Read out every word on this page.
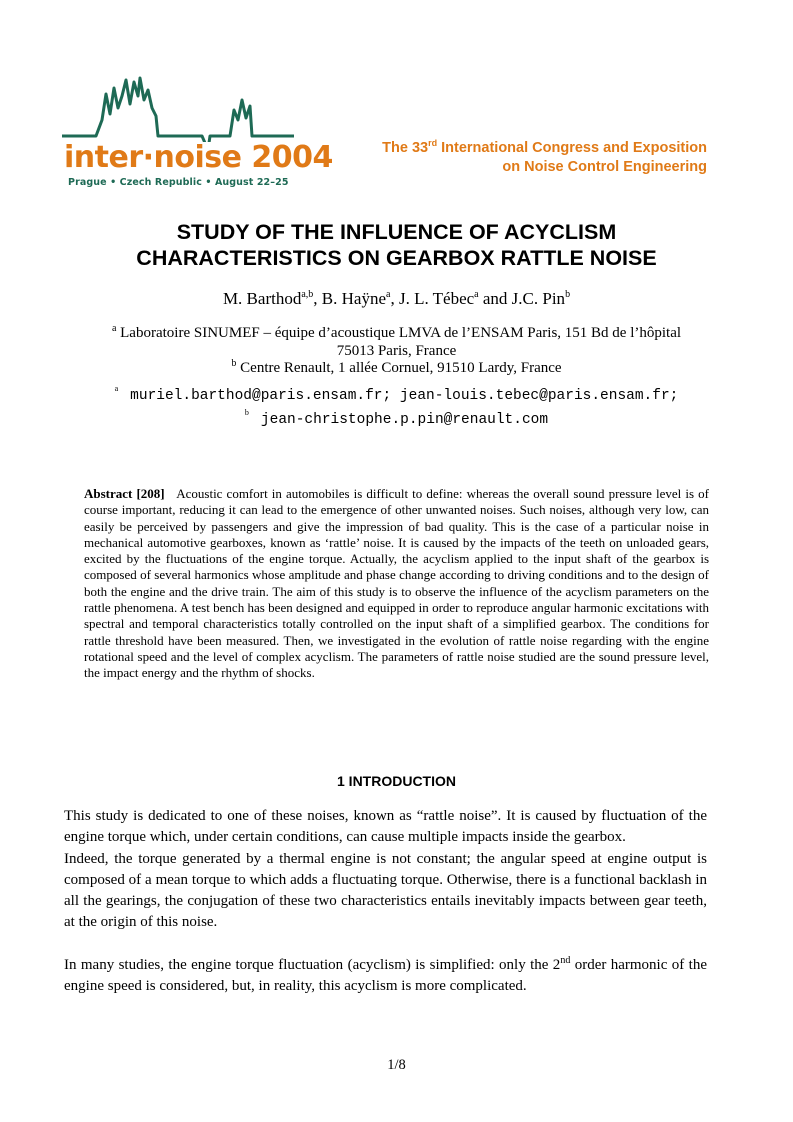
inter·noise 2004
Prague • Czech Republic • August 22–25
The 33rd International Congress and Exposition
on Noise Control Engineering
STUDY OF THE INFLUENCE OF ACYCLISM
CHARACTERISTICS ON GEARBOX RATTLE NOISE
M. Barthod$^{a,b}$, B. Haÿne$^a$, J. L. Tébec$^a$ and J.C. Pin$^b$
$^a$ Laboratoire SINUMEF – équipe d’acoustique LMVA de l’ENSAM Paris, 151 Bd de l’hôpital
75013 Paris, France
$^b$ Centre Renault, 1 allée Cornuel, 91510 Lardy, France
$^a$ muriel.barthod@paris.ensam.fr; jean-louis.tebec@paris.ensam.fr;
$^b$ jean-christophe.p.pin@renault.com
Abstract [208] Acoustic comfort in automobiles is difficult to define: whereas the overall sound pressure level is of course important, reducing it can lead to the emergence of other unwanted noises. Such noises, although very low, can easily be perceived by passengers and give the impression of bad quality. This is the case of a particular noise in mechanical automotive gearboxes, known as ‘rattle’ noise. It is caused by the impacts of the teeth on unloaded gears, excited by the fluctuations of the engine torque. Actually, the acyclism applied to the input shaft of the gearbox is composed of several harmonics whose amplitude and phase change according to driving conditions and to the design of both the engine and the drive train. The aim of this study is to observe the influence of the acyclism parameters on the rattle phenomena. A test bench has been designed and equipped in order to reproduce angular harmonic excitations with spectral and temporal characteristics totally controlled on the input shaft of a simplified gearbox. The conditions for rattle threshold have been measured. Then, we investigated in the evolution of rattle noise regarding with the engine rotational speed and the level of complex acyclism. The parameters of rattle noise studied are the sound pressure level, the impact energy and the rhythm of shocks.
1 INTRODUCTION
This study is dedicated to one of these noises, known as “rattle noise”. It is caused by fluctuation of the engine torque which, under certain conditions, can cause multiple impacts inside the gearbox.
Indeed, the torque generated by a thermal engine is not constant; the angular speed at engine output is composed of a mean torque to which adds a fluctuating torque. Otherwise, there is a functional backlash in all the gearings, the conjugation of these two characteristics entails inevitably impacts between gear teeth, at the origin of this noise.
In many studies, the engine torque fluctuation (acyclism) is simplified: only the 2nd order harmonic of the engine speed is considered, but, in reality, this acyclism is more complicated.
1/8
